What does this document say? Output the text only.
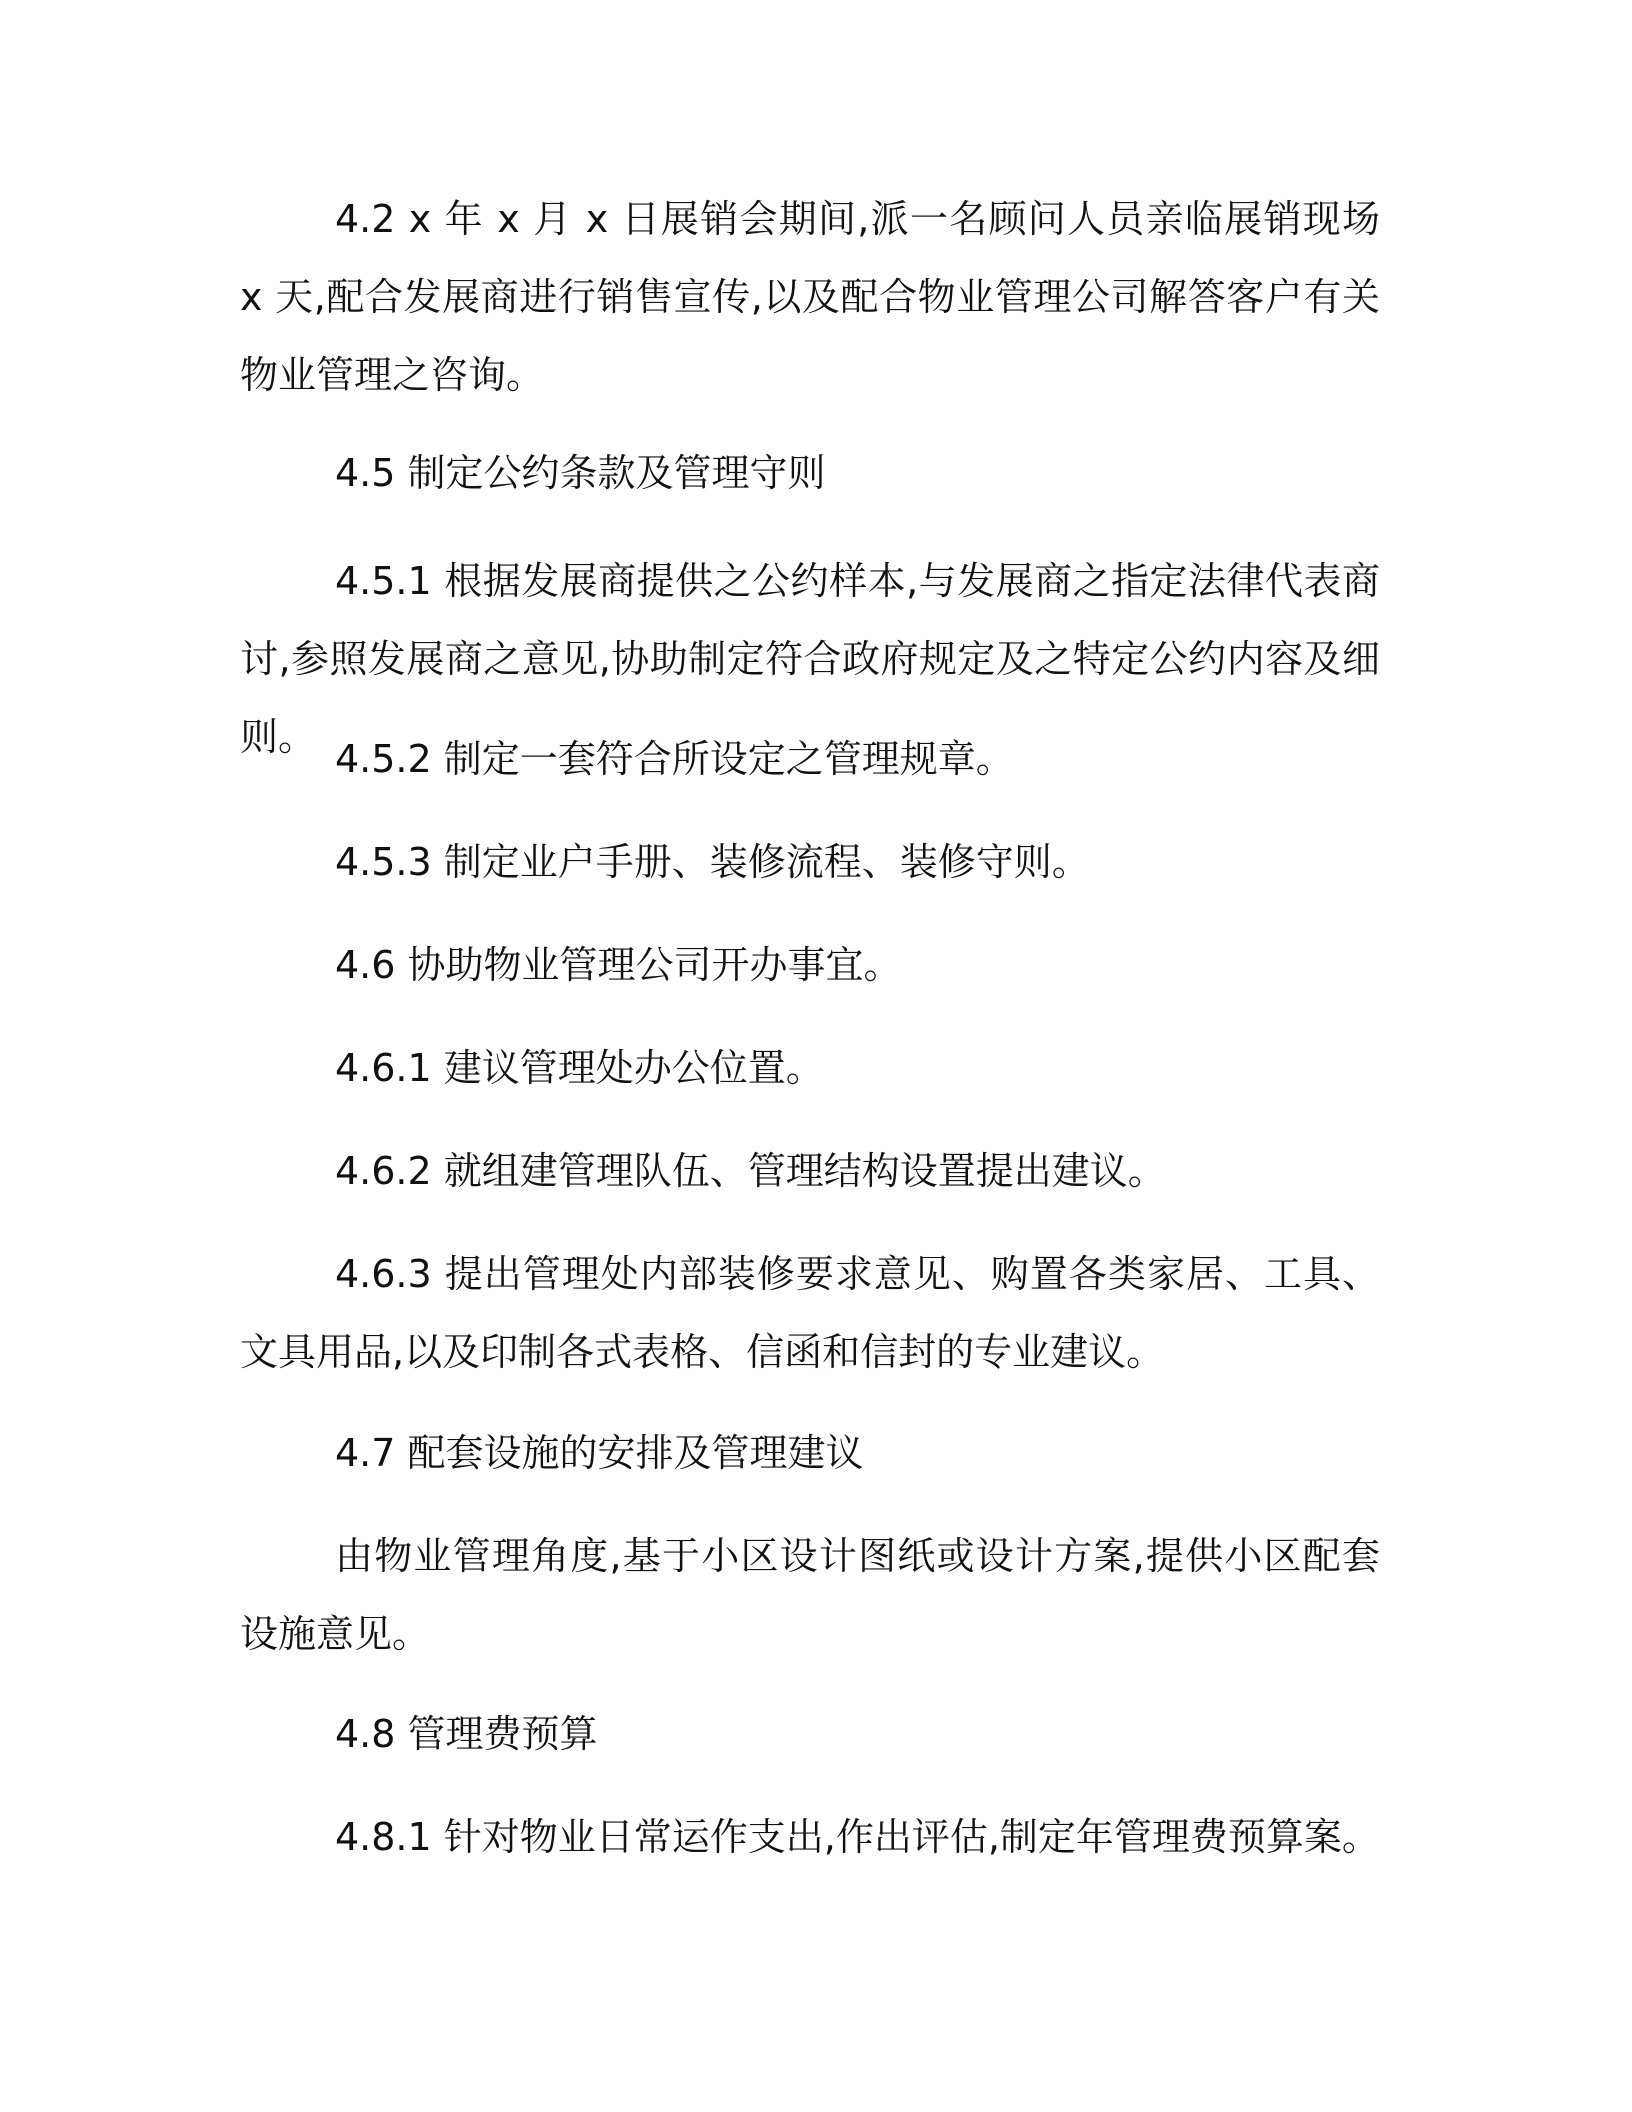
4.2 x 年 x 月 x 日展销会期间,派一名顾问人员亲临展销现场 x 天,配合发展商进行销售宣传,以及配合物业管理公司解答客户有关物业管理之咨询。

4.5 制定公约条款及管理守则

4.5.1 根据发展商提供之公约样本,与发展商之指定法律代表商讨,参照发展商之意见,协助制定符合政府规定及之特定公约内容及细则。 4.5.2 制定一套符合所设定之管理规章。

4.5.3 制定业户手册、装修流程、装修守则。

4.6 协助物业管理公司开办事宜。

4.6.1 建议管理处办公位置。

4.6.2 就组建管理队伍、管理结构设置提出建议。

4.6.3 提出管理处内部装修要求意见、购置各类家居、工具、文具用品,以及印制各式表格、信函和信封的专业建议。

4.7 配套设施的安排及管理建议

由物业管理角度,基于小区设计图纸或设计方案,提供小区配套设施意见。

4.8 管理费预算

4.8.1 针对物业日常运作支出,作出评估,制定年管理费预算案。
